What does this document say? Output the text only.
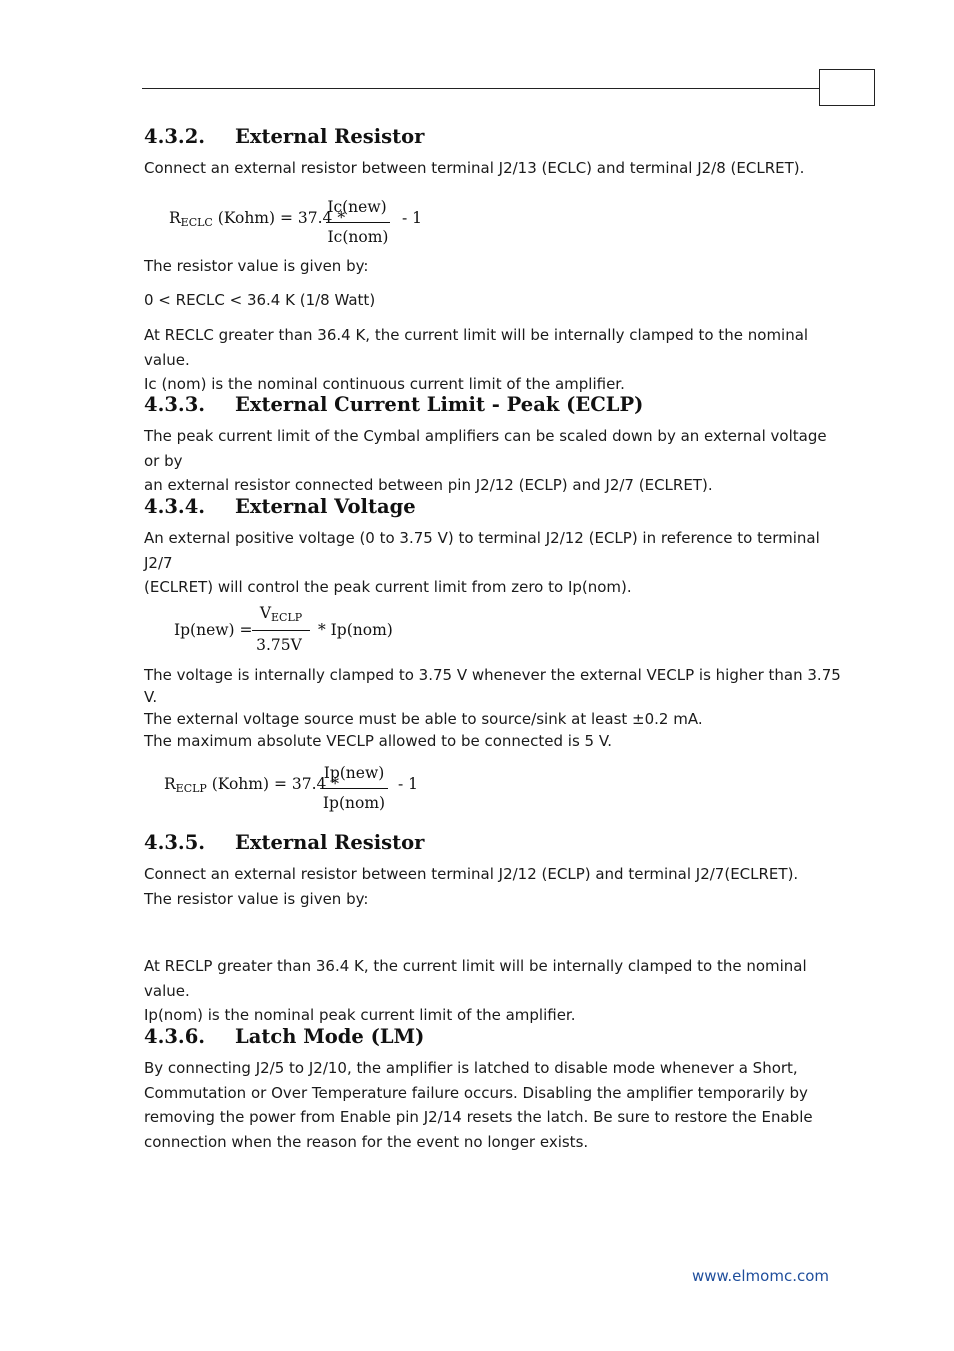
4.3.2. External Resistor

Connect an external resistor between terminal J2/13 (ECLC) and terminal J2/8 (ECLRET).

$R_{ECLC}$ (Kohm) = 37.4 *
Ic(new)
Ic(nom)
- 1

The resistor value is given by:

0 < RECLC < 36.4 K (1/8 Watt)

At RECLC greater than 36.4 K, the current limit will be internally clamped to the nominal value.
Ic (nom) is the nominal continuous current limit of the amplifier.

4.3.3. External Current Limit - Peak (ECLP)

The peak current limit of the Cymbal amplifiers can be scaled down by an external voltage or by
an external resistor connected between pin J2/12 (ECLP) and J2/7 (ECLRET).

4.3.4. External Voltage

An external positive voltage (0 to 3.75 V) to terminal J2/12 (ECLP) in reference to terminal J2/7
(ECLRET) will control the peak current limit from zero to Ip(nom).

Ip(new) =
$V_{ECLP}$
3.75V
* Ip(nom)

The voltage is internally clamped to 3.75 V whenever the external VECLP is higher than 3.75 V.
The external voltage source must be able to source/sink at least ±0.2 mA.
The maximum absolute VECLP allowed to be connected is 5 V.

$R_{ECLP}$ (Kohm) = 37.4 *
Ip(new)
Ip(nom)
- 1
4.3.5. External Resistor

Connect an external resistor between terminal J2/12 (ECLP) and terminal J2/7(ECLRET).
The resistor value is given by:

At RECLP greater than 36.4 K, the current limit will be internally clamped to the nominal value.
Ip(nom) is the nominal peak current limit of the amplifier.

4.3.6. Latch Mode (LM)

By connecting J2/5 to J2/10, the amplifier is latched to disable mode whenever a Short,
Commutation or Over Temperature failure occurs. Disabling the amplifier temporarily by
removing the power from Enable pin J2/14 resets the latch. Be sure to restore the Enable
connection when the reason for the event no longer exists.

www.elmomc.com
